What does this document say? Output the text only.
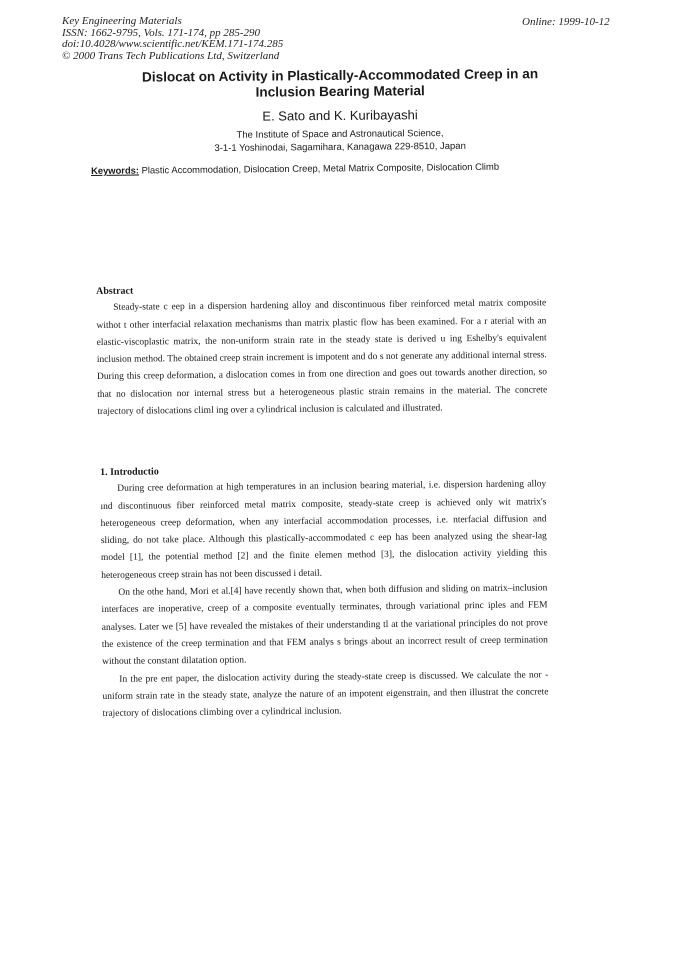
Key Engineering Materials
ISSN: 1662-9795, Vols. 171-174, pp 285-290
doi:10.4028/www.scientific.net/KEM.171-174.285
© 2000 Trans Tech Publications Ltd, Switzerland
Online: 1999-10-12
Dislocat on Activity in Plastically-Accommodated Creep in an
Inclusion Bearing Material
E. Sato and K. Kuribayashi
The Institute of Space and Astronautical Science,
3-1-1 Yoshinodai, Sagamihara, Kanagawa 229-8510, Japan
Keywords: Plastic Accommodation, Dislocation Creep, Metal Matrix Composite, Dislocation Climb
Abstract

Steady-state c eep in a dispersion hardening alloy and discontinuous fiber reinforced metal matrix composite withot t other interfacial relaxation mechanisms than matrix plastic flow has been examined. For a r aterial with an elastic-viscoplastic matrix, the non-uniform strain rate in the steady state is derived u ing Eshelby's equivalent inclusion method. The obtained creep strain increment is impotent and do s not generate any additional internal stress. During this creep deformation, a dislocation comes in from one direction and goes out towards another direction, so that no dislocation nor internal stress but a heterogeneous plastic strain remains in the material. The concrete trajectory of dislocations climl ing over a cylindrical inclusion is calculated and illustrated.

1. Introductio

During cree deformation at high temperatures in an inclusion bearing material, i.e. dispersion hardening alloy ınd discontinuous fiber reinforced metal matrix composite, steady-state creep is achieved only wit matrix's heterogeneous creep deformation, when any interfacial accommodation processes, i.e. nterfacial diffusion and sliding, do not take place. Although this plastically-accommodated c eep has been analyzed using the shear-lag model [1], the potential method [2] and the finite elemen method [3], the dislocation activity yielding this heterogeneous creep strain has not been discussed i detail.

On the othe hand, Mori et al.[4] have recently shown that, when both diffusion and sliding on matrix–inclusion interfaces are inoperative, creep of a composite eventually terminates, through variational princ iples and FEM analyses. Later we [5] have revealed the mistakes of their understanding tl at the variational principles do not prove the existence of the creep termination and that FEM analys s brings about an incorrect result of creep termination without the constant dilatation option.

In the pre ent paper, the dislocation activity during the steady-state creep is discussed. We calculate the nor -uniform strain rate in the steady state, analyze the nature of an impotent eigenstrain, and then illustrat the concrete trajectory of dislocations climbing over a cylindrical inclusion.
